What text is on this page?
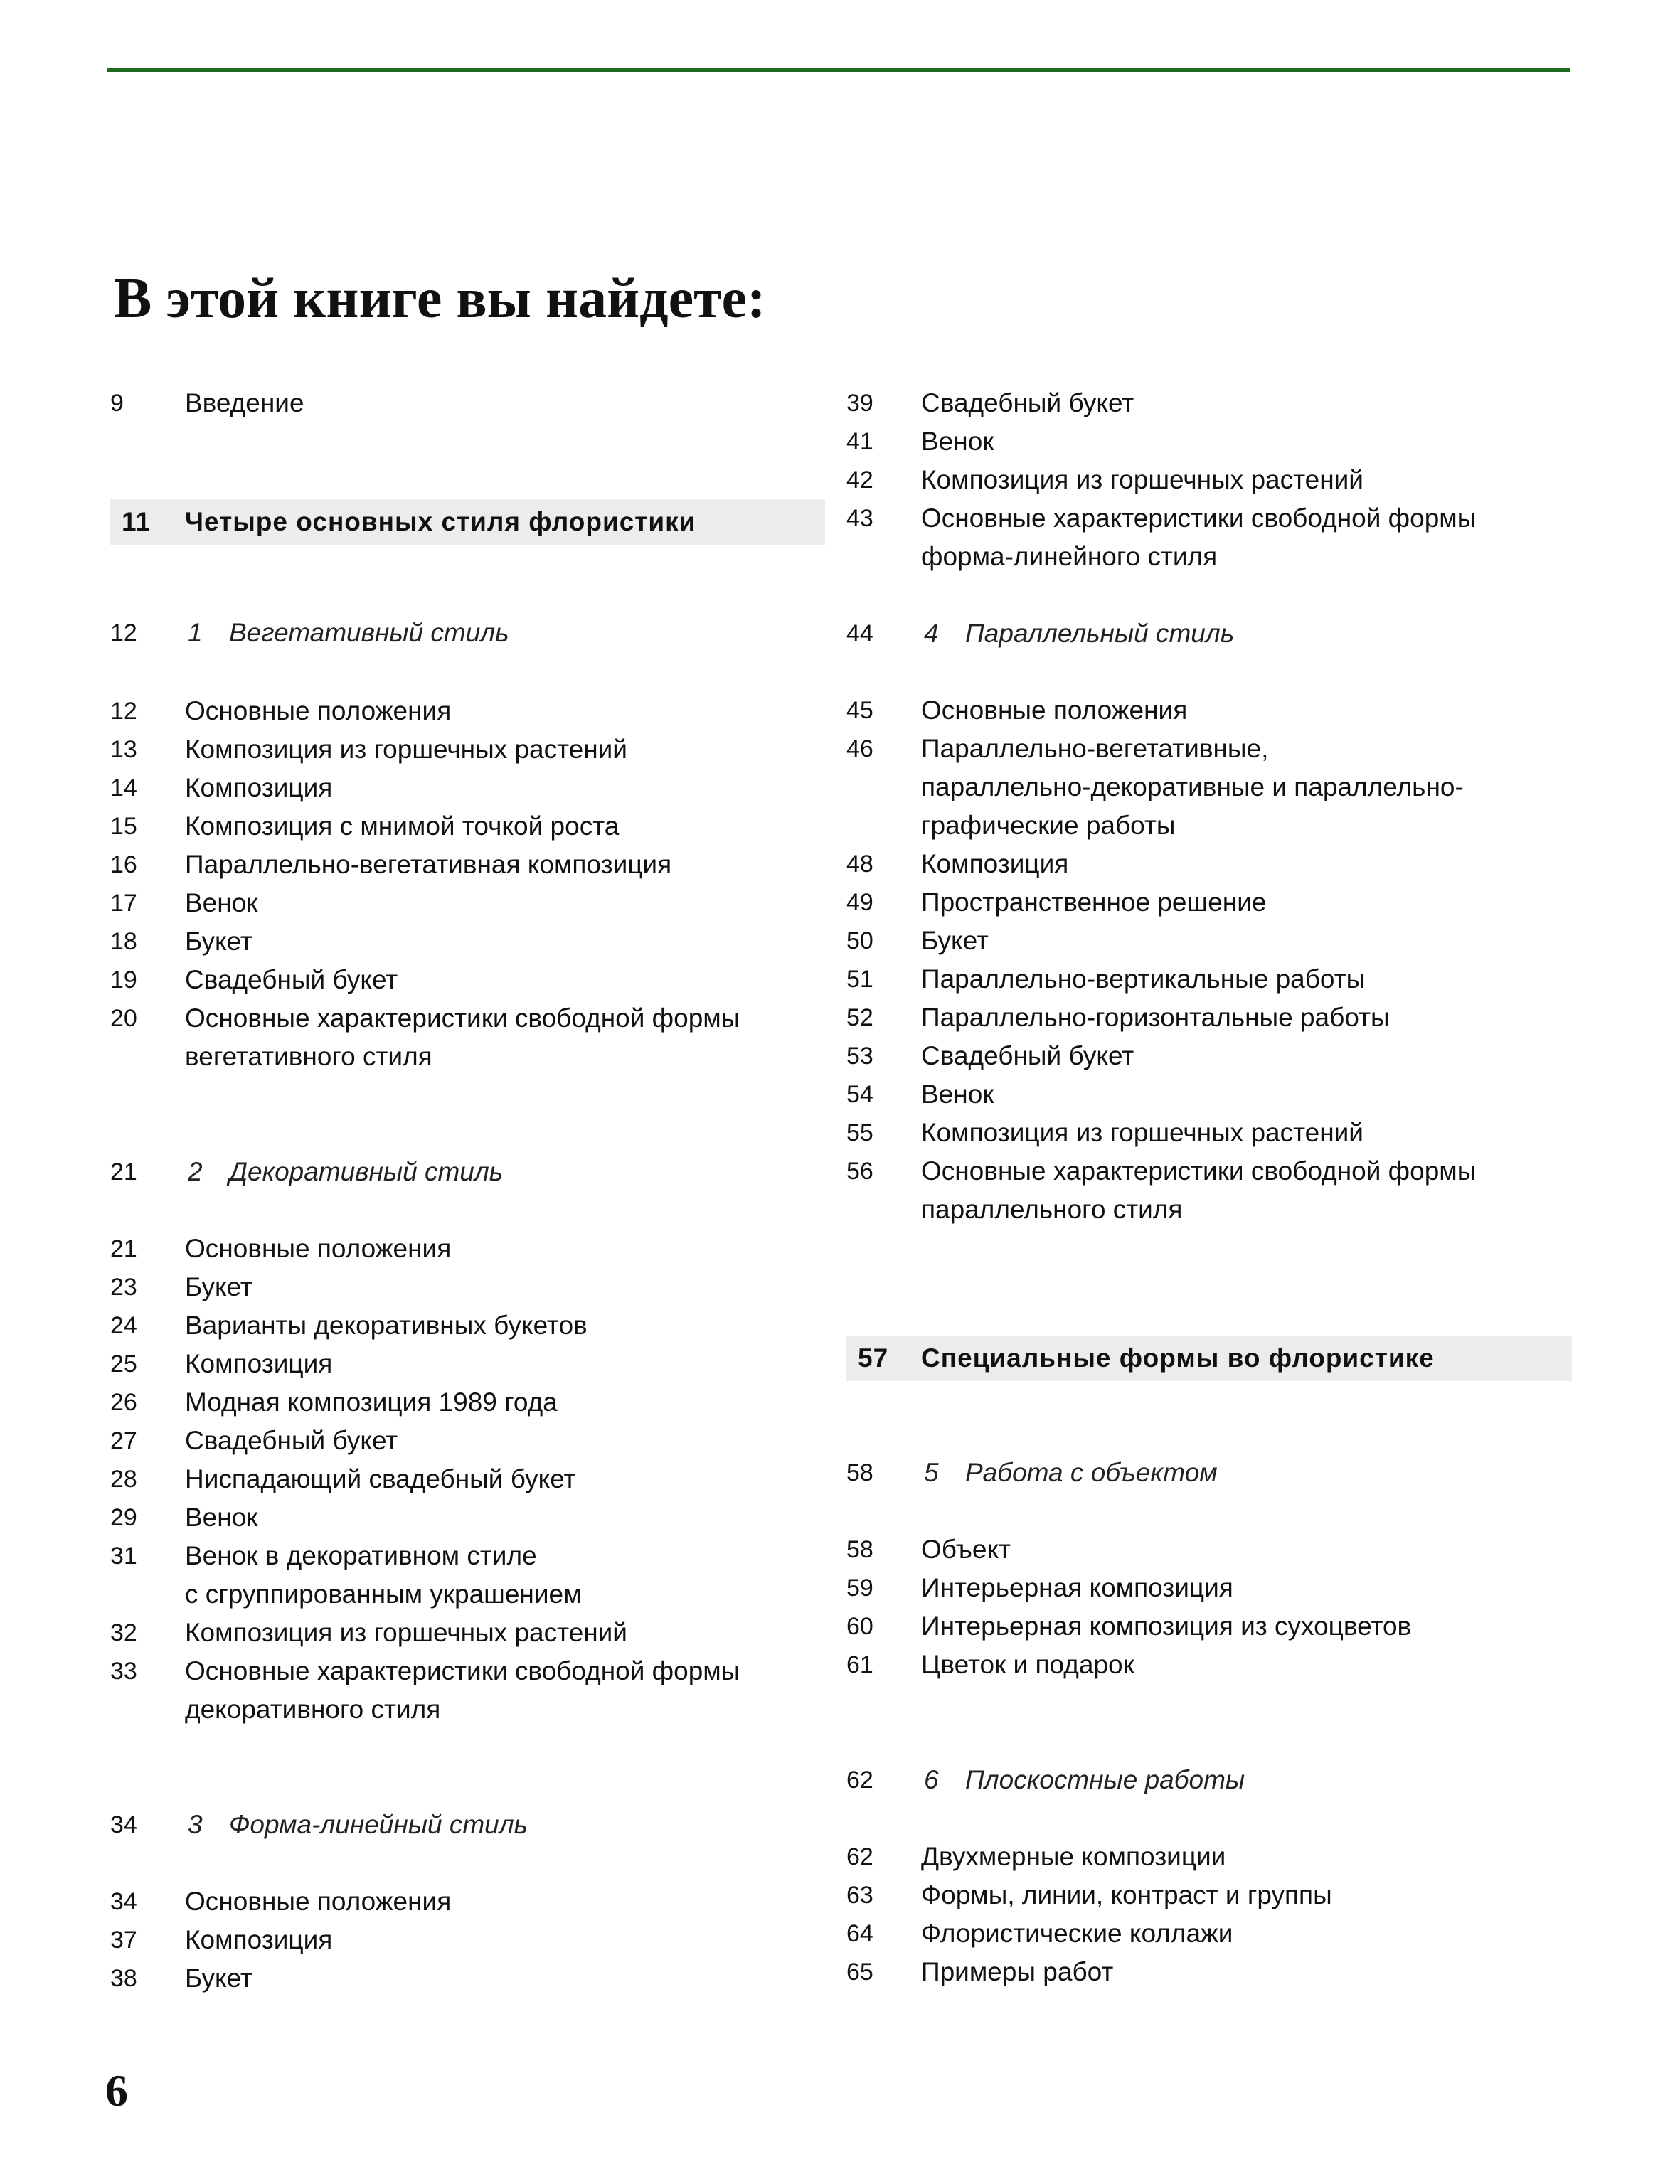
В этой книге вы найдете:
9	Введение
11	Четыре основных стиля флористики
12	1 Вегетативный стиль
12	Основные положения
13	Композиция из горшечных растений
14	Композиция
15	Композиция с мнимой точкой роста
16	Параллельно-вегетативная композиция
17	Венок
18	Букет
19	Свадебный букет
20	Основные характеристики свободной формы
вегетативного стиля
21	2 Декоративный стиль
21	Основные положения
23	Букет
24	Варианты декоративных букетов
25	Композиция
26	Модная композиция 1989 года
27	Свадебный букет
28	Ниспадающий свадебный букет
29	Венок
31	Венок в декоративном стиле
с сгруппированным украшением
32	Композиция из горшечных растений
33	Основные характеристики свободной формы
декоративного стиля
34	3 Форма-линейный стиль
34	Основные положения
37	Композиция
38	Букет
39	Свадебный букет
41	Венок
42	Композиция из горшечных растений
43	Основные характеристики свободной формы
форма-линейного стиля
44	4 Параллельный стиль
45	Основные положения
46	Параллельно-вегетативные,
параллельно-декоративные и параллельно-
графические работы
48	Композиция
49	Пространственное решение
50	Букет
51	Параллельно-вертикальные работы
52	Параллельно-горизонтальные работы
53	Свадебный букет
54	Венок
55	Композиция из горшечных растений
56	Основные характеристики свободной формы
параллельного стиля
57	Специальные формы во флористике
58	5 Работа с объектом
58	Объект
59	Интерьерная композиция
60	Интерьерная композиция из сухоцветов
61	Цветок и подарок
62	6 Плоскостные работы
62	Двухмерные композиции
63	Формы, линии, контраст и группы
64	Флористические коллажи
65	Примеры работ
6
